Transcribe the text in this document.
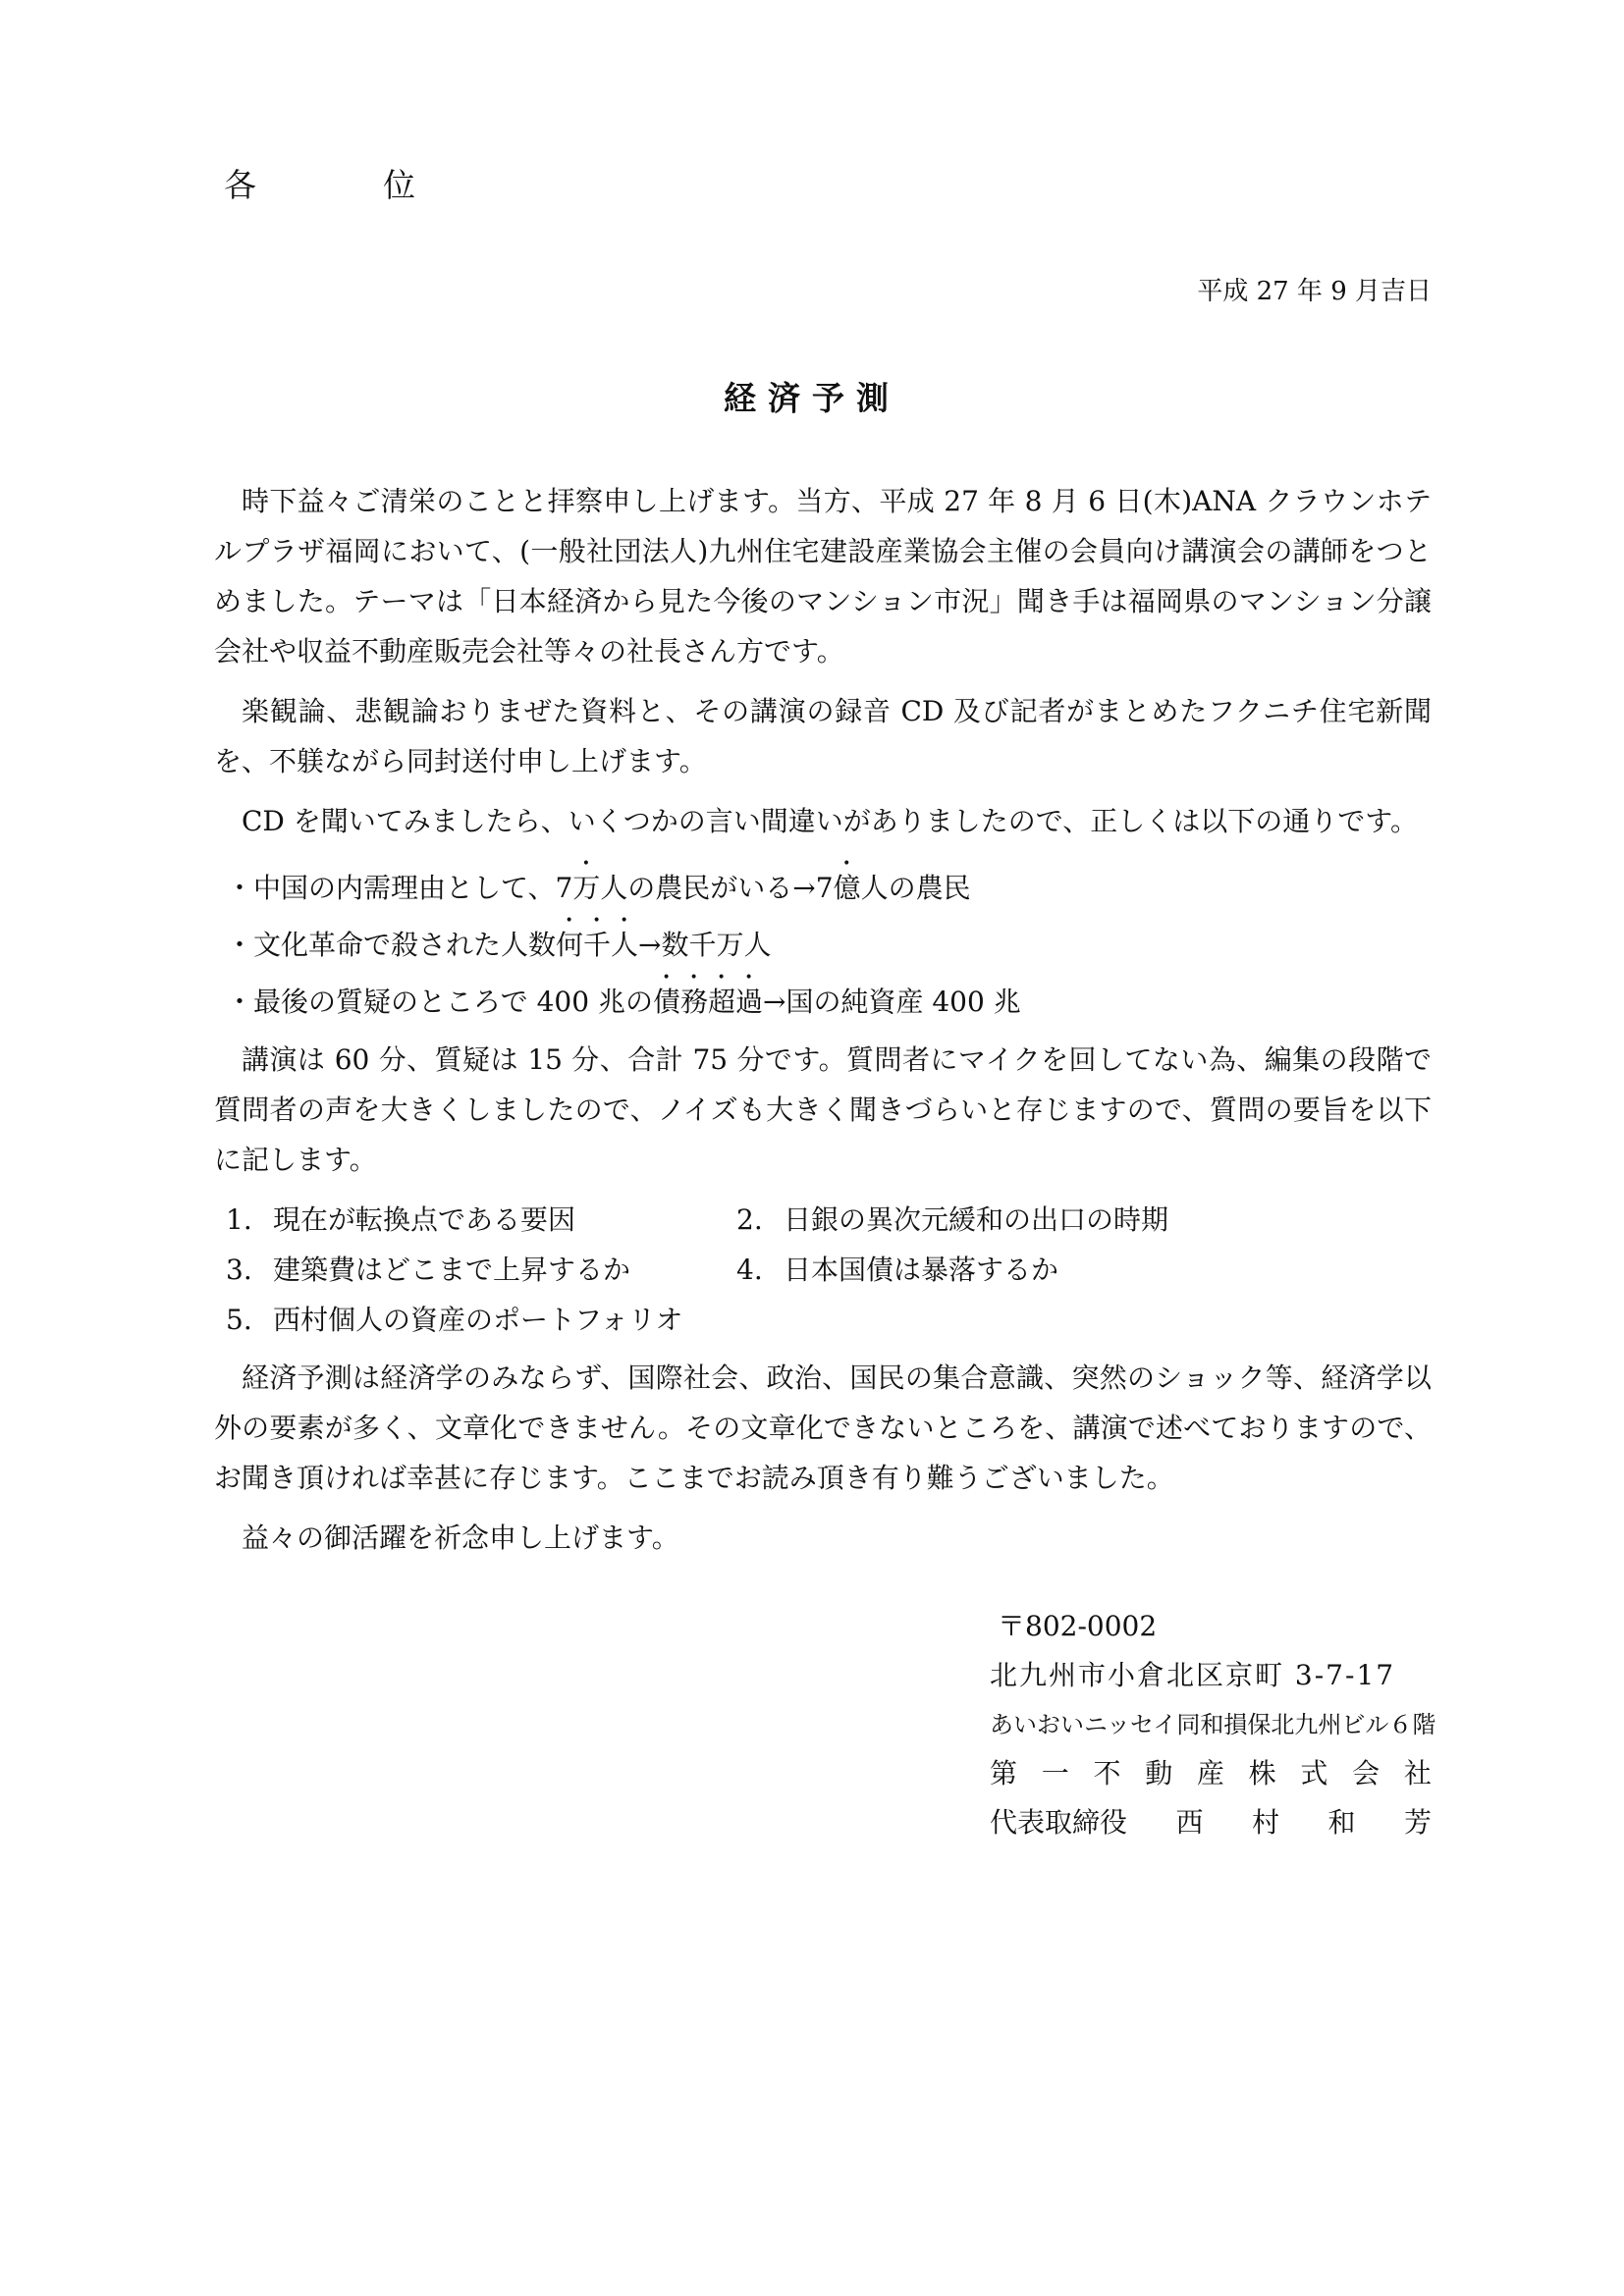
各　位
平成 27 年 9 月吉日
経済予測

時下益々ご清栄のことと拝察申し上げます。当方、平成 27 年 8 月 6 日(木)ANA クラウンホテルプラザ福岡において、(一般社団法人)九州住宅建設産業協会主催の会員向け講演会の講師をつとめました。テーマは「日本経済から見た今後のマンション市況」聞き手は福岡県のマンション分譲会社や収益不動産販売会社等々の社長さん方です。

楽観論、悲観論おりまぜた資料と、その講演の録音 CD 及び記者がまとめたフクニチ住宅新聞を、不躾ながら同封送付申し上げます。

CD を聞いてみましたら、いくつかの言い間違いがありましたので、正しくは以下の通りです。

・中国の内需理由として、7万人の農民がいる→7億人の農民
・文化革命で殺された人数何千人→数千万人
・最後の質疑のところで 400 兆の債務超過→国の純資産 400 兆

講演は 60 分、質疑は 15 分、合計 75 分です。質問者にマイクを回してない為、編集の段階で質問者の声を大きくしましたので、ノイズも大きく聞きづらいと存じますので、質問の要旨を以下に記します。

1. 現在が転換点である要因	2. 日銀の異次元緩和の出口の時期
3. 建築費はどこまで上昇するか	4. 日本国債は暴落するか
5. 西村個人の資産のポートフォリオ

経済予測は経済学のみならず、国際社会、政治、国民の集合意識、突然のショック等、経済学以外の要素が多く、文章化できません。その文章化できないところを、講演で述べておりますので、お聞き頂ければ幸甚に存じます。ここまでお読み頂き有り難うございました。

益々の御活躍を祈念申し上げます。

〒802-0002
北九州市小倉北区京町 3-7-17
あいおいニッセイ同和損保北九州ビル６階
第 一 不 動 産 株 式 会 社
代表取締役 西 村 和 芳
